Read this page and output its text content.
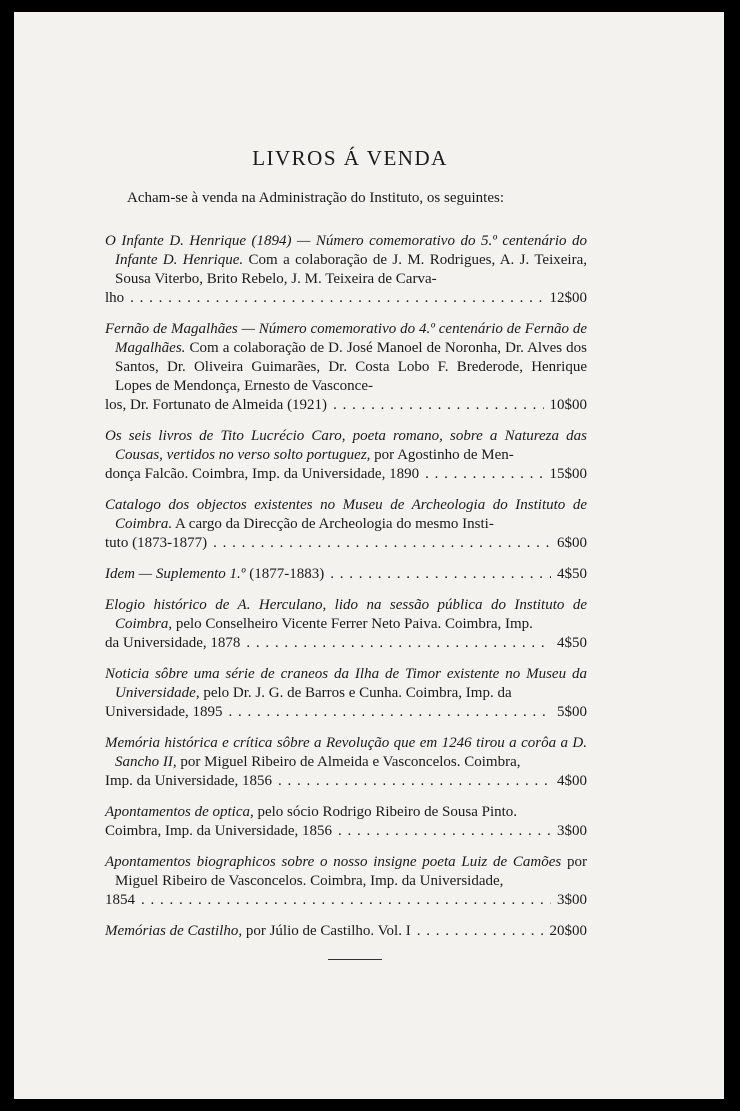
LIVROS Á VENDA
Acham-se à venda na Administração do Instituto, os seguintes:

O Infante D. Henrique (1894) — Número comemorativo do 5.º centenário do Infante D. Henrique. Com a colaboração de J. M. Rodrigues, A. J. Teixeira, Sousa Viterbo, Brito Rebelo, J. M. Teixeira de Carva-

lho . . .	12$00

Fernão de Magalhães — Número comemorativo do 4.º centenário de Fernão de Magalhães. Com a colaboração de D. José Manoel de Noronha, Dr. Alves dos Santos, Dr. Oliveira Guimarães, Dr. Costa Lobo F. Brederode, Henrique Lopes de Mendonça, Ernesto de Vasconce-

los, Dr. Fortunato de Almeida (1921) . . .	10$00

Os seis livros de Tito Lucrécio Caro, poeta romano, sobre a Natureza das Cousas, vertidos no verso solto portuguez, por Agostinho de Men-

donça Falcão. Coimbra, Imp. da Universidade, 1890 . . .	15$00

Catalogo dos objectos existentes no Museu de Archeologia do Instituto de Coimbra. A cargo da Direcção de Archeologia do mesmo Insti-

tuto (1873-1877) . . .	6$00
Idem — Suplemento 1.º (1877-1883) . . .	4$50

Elogio histórico de A. Herculano, lido na sessão pública do Instituto de Coimbra, pelo Conselheiro Vicente Ferrer Neto Paiva. Coimbra, Imp.

da Universidade, 1878 . . .	4$50

Noticia sôbre uma série de craneos da Ilha de Timor existente no Museu da Universidade, pelo Dr. J. G. de Barros e Cunha. Coimbra, Imp. da

Universidade, 1895 . . .	5$00

Memória histórica e crítica sôbre a Revolução que em 1246 tirou a corôa a D. Sancho II, por Miguel Ribeiro de Almeida e Vasconcelos. Coimbra,

Imp. da Universidade, 1856 . . .	4$00

Apontamentos de optica, pelo sócio Rodrigo Ribeiro de Sousa Pinto.

Coimbra, Imp. da Universidade, 1856 . . .	3$00

Apontamentos biographicos sobre o nosso insigne poeta Luiz de Camões por Miguel Ribeiro de Vasconcelos. Coimbra, Imp. da Universidade,

1854 . . .	3$00
Memórias de Castilho, por Júlio de Castilho. Vol. I . . .	20$00
